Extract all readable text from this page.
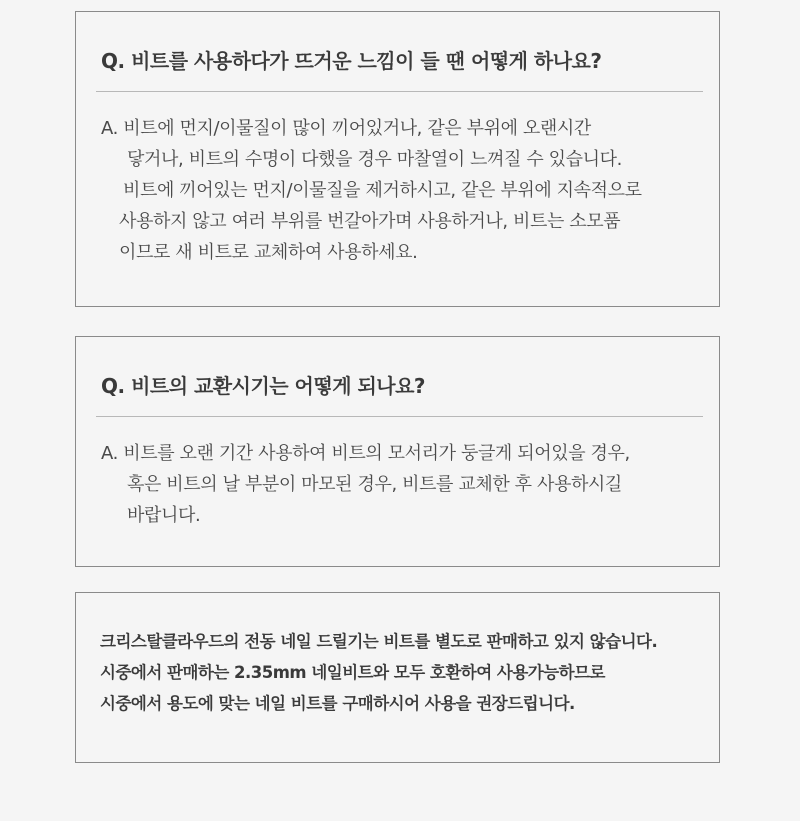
Q. 비트를 사용하다가 뜨거운 느낌이 들 땐 어떻게 하나요?
A. 비트에 먼지/이물질이 많이 끼어있거나, 같은 부위에 오랜시간
닿거나, 비트의 수명이 다했을 경우 마찰열이 느껴질 수 있습니다.
비트에 끼어있는 먼지/이물질을 제거하시고, 같은 부위에 지속적으로
사용하지 않고 여러 부위를 번갈아가며 사용하거나, 비트는 소모품
이므로 새 비트로 교체하여 사용하세요.
Q. 비트의 교환시기는 어떻게 되나요?
A. 비트를 오랜 기간 사용하여 비트의 모서리가 둥글게 되어있을 경우,
혹은 비트의 날 부분이 마모된 경우, 비트를 교체한 후 사용하시길
바랍니다.
크리스탈클라우드의 전동 네일 드릴기는 비트를 별도로 판매하고 있지 않습니다.
시중에서 판매하는 2.35mm 네일비트와 모두 호환하여 사용가능하므로
시중에서 용도에 맞는 네일 비트를 구매하시어 사용을 권장드립니다.
